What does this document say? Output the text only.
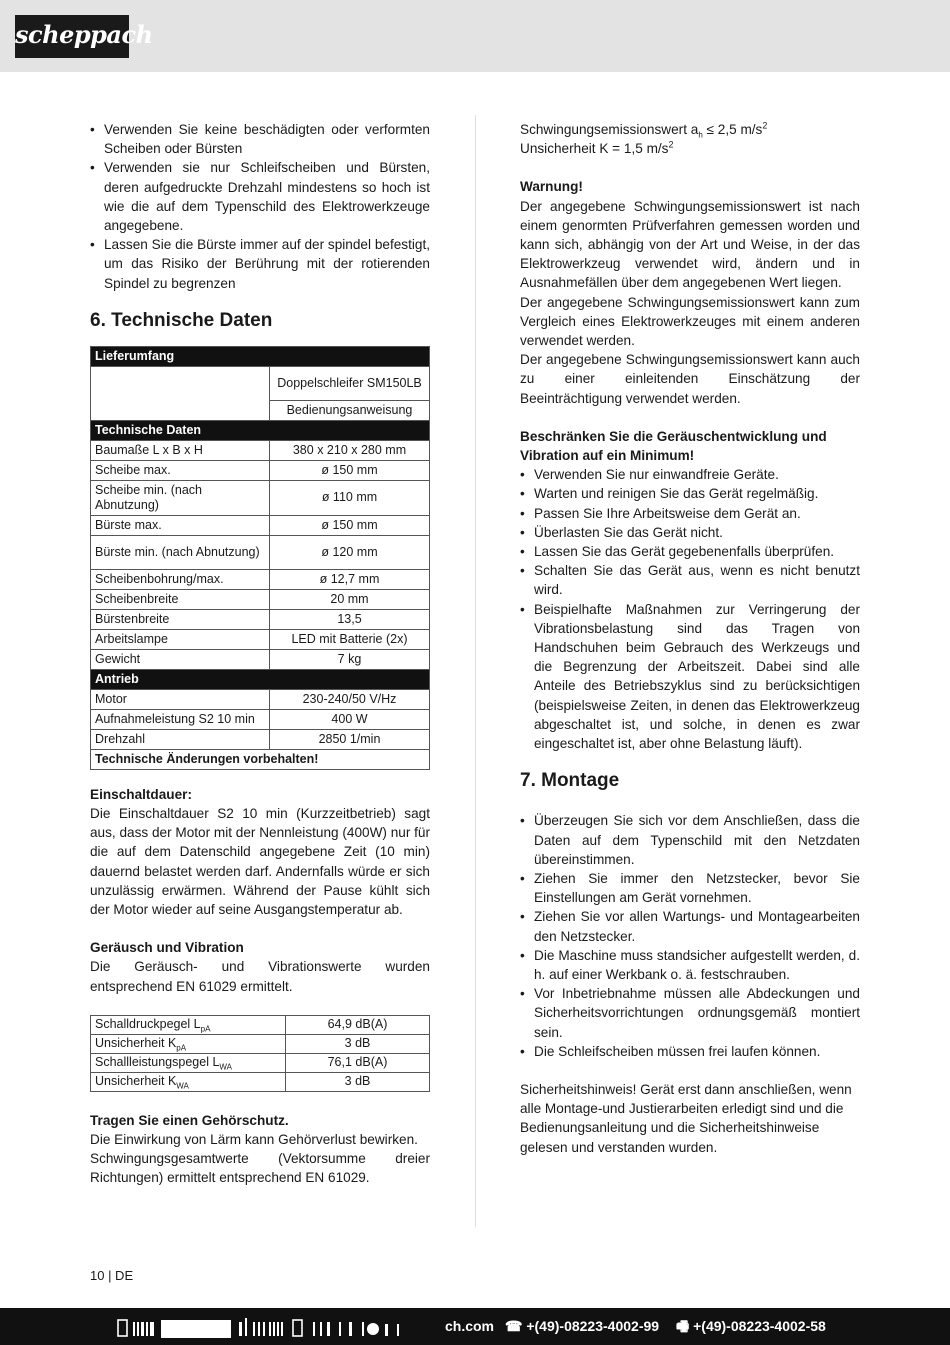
scheppach
• Verwenden Sie keine beschädigten oder verformten Scheiben oder Bürsten
• Verwenden sie nur Schleifscheiben und Bürsten, deren aufgedruckte Drehzahl mindestens so hoch ist wie die auf dem Typenschild des Elektrowerkzeuge angegebene.
• Lassen Sie die Bürste immer auf der spindel befestigt, um das Risiko der Berührung mit der rotierenden Spindel zu begrenzen
6. Technische Daten
Lieferumfang	
	Doppelschleifer SM150LB
	Bedienungsanweisung
Technische Daten	
Baumaße L x B x H	380 x 210 x 280 mm
Scheibe max.	ø 150 mm
Scheibe min. (nach Abnutzung)	ø 110 mm
Bürste max.	ø 150 mm
Bürste min. (nach Abnutzung)	ø 120 mm
Scheibenbohrung/max.	ø 12,7 mm
Scheibenbreite	20 mm
Bürstenbreite	13,5
Arbeitslampe	LED mit Batterie (2x)
Gewicht	7 kg
Antrieb	
Motor	230-240/50 V/Hz
Aufnahmeleistung S2 10 min	400 W
Drehzahl	2850 1/min
Technische Änderungen vorbehalten!	
Einschaltdauer:

Die Einschaltdauer S2 10 min (Kurzzeitbetrieb) sagt aus, dass der Motor mit der Nennleistung (400W) nur für die auf dem Datenschild angegebene Zeit (10 min) dauernd belastet werden darf. Andernfalls würde er sich unzulässig erwärmen. Während der Pause kühlt sich der Motor wieder auf seine Ausgangstemperatur ab.

Geräusch und Vibration

Die Geräusch- und Vibrationswerte wurden entsprechend EN 61029 ermittelt.

Schalldruckpegel $L_{pA}$	64,9 dB(A)
Unsicherheit $K_{pA}$	3 dB
Schallleistungspegel $L_{WA}$	76,1 dB(A)
Unsicherheit $K_{WA}$	3 dB
Tragen Sie einen Gehörschutz.

Die Einwirkung von Lärm kann Gehörverlust bewirken.

Schwingungsgesamtwerte (Vektorsumme dreier Richtungen) ermittelt entsprechend EN 61029.

Schwingungsemissionswert $a_h \le 2,5$ $m/s^2$
Unsicherheit K = 1,5 $m/s^2$
Warnung!

Der angegebene Schwingungsemissionswert ist nach einem genormten Prüfverfahren gemessen worden und kann sich, abhängig von der Art und Weise, in der das Elektrowerkzeug verwendet wird, ändern und in Ausnahmefällen über dem angegebenen Wert liegen.

Der angegebene Schwingungsemissionswert kann zum Vergleich eines Elektrowerkzeuges mit einem anderen verwendet werden.

Der angegebene Schwingungsemissionswert kann auch zu einer einleitenden Einschätzung der Beeinträchtigung verwendet werden.

Beschränken Sie die Geräuschentwicklung und Vibration auf ein Minimum!
• Verwenden Sie nur einwandfreie Geräte.
• Warten und reinigen Sie das Gerät regelmäßig.
• Passen Sie Ihre Arbeitsweise dem Gerät an.
• Überlasten Sie das Gerät nicht.
• Lassen Sie das Gerät gegebenenfalls überprüfen.
• Schalten Sie das Gerät aus, wenn es nicht benutzt wird.
• Beispielhafte Maßnahmen zur Verringerung der Vibrationsbelastung sind das Tragen von Handschuhen beim Gebrauch des Werkzeugs und die Begrenzung der Arbeitszeit. Dabei sind alle Anteile des Betriebszyklus sind zu berücksichtigen (beispielsweise Zeiten, in denen das Elektrowerkzeug abgeschaltet ist, und solche, in denen es zwar eingeschaltet ist, aber ohne Belastung läuft).
7. Montage
• Überzeugen Sie sich vor dem Anschließen, dass die Daten auf dem Typenschild mit den Netzdaten übereinstimmen.
• Ziehen Sie immer den Netzstecker, bevor Sie Einstellungen am Gerät vornehmen.
• Ziehen Sie vor allen Wartungs- und Montagearbeiten den Netzstecker.
• Die Maschine muss standsicher aufgestellt werden, d. h. auf einer Werkbank o. ä. festschrauben.
• Vor Inbetriebnahme müssen alle Abdeckungen und Sicherheitsvorrichtungen ordnungsgemäß montiert sein.
• Die Schleifscheiben müssen frei laufen können.

Sicherheitshinweis! Gerät erst dann anschließen, wenn alle Montage-und Justierarbeiten erledigt sind und die Bedienungsanleitung und die Sicherheitshinweise gelesen und verstanden wurden.

10 | DE
ch.com ☎ +(49)-08223-4002-99 🖷 +(49)-08223-4002-58
